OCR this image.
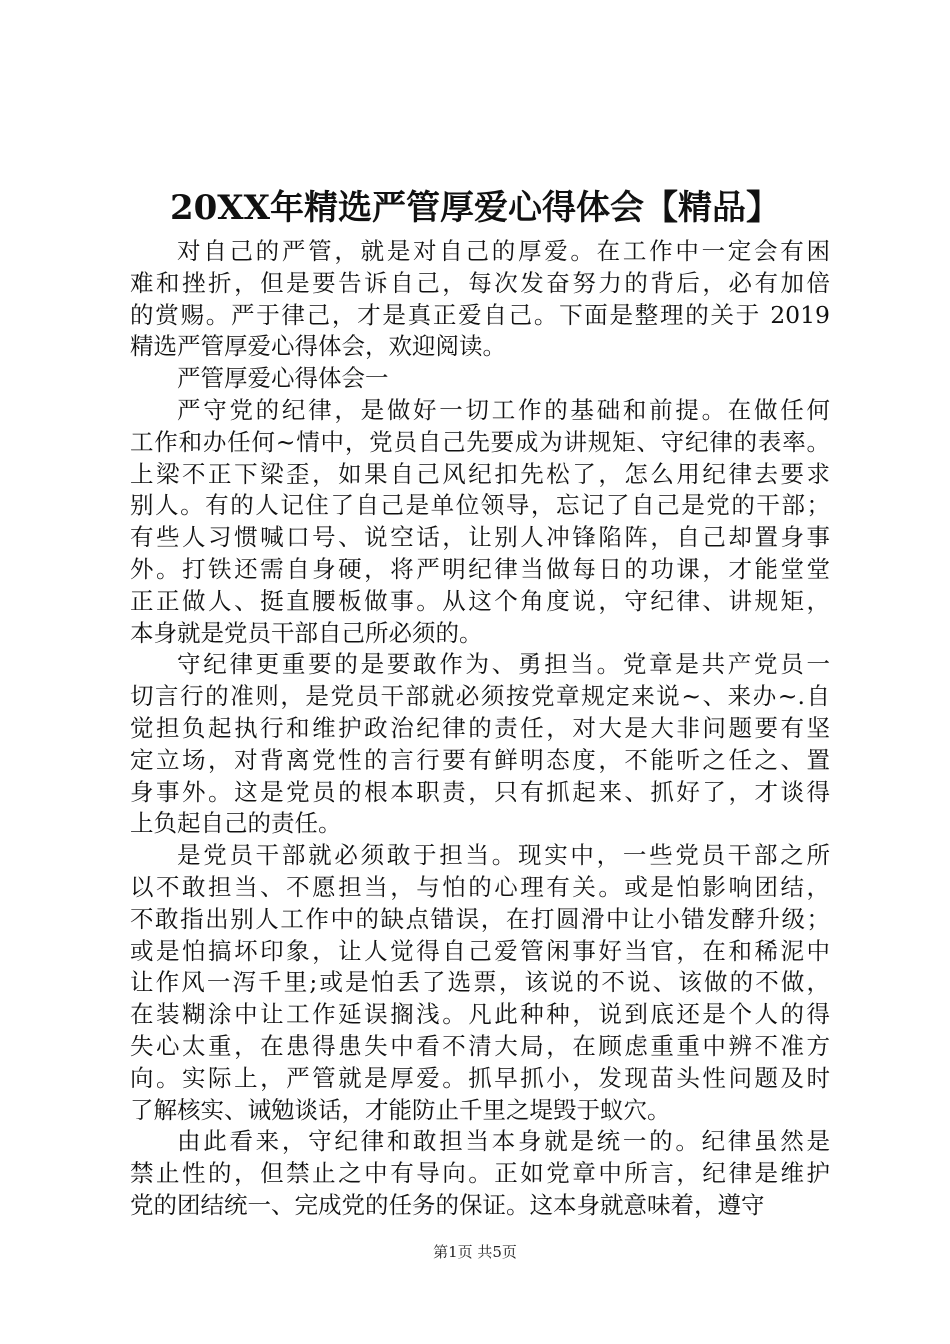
20XX年精选严管厚爱心得体会【精品】
对自己的严管，就是对自己的厚爱。在工作中一定会有困
难和挫折，但是要告诉自己，每次发奋努力的背后，必有加倍
的赏赐。严于律己，才是真正爱自己。下面是整理的关于 2019
精选严管厚爱心得体会，欢迎阅读。
严管厚爱心得体会一
严守党的纪律，是做好一切工作的基础和前提。在做任何
工作和办任何~情中，党员自己先要成为讲规矩、守纪律的表率。
上梁不正下梁歪，如果自己风纪扣先松了，怎么用纪律去要求
别人。有的人记住了自己是单位领导，忘记了自己是党的干部；
有些人习惯喊口号、说空话，让别人冲锋陷阵，自己却置身事
外。打铁还需自身硬，将严明纪律当做每日的功课，才能堂堂
正正做人、挺直腰板做事。从这个角度说，守纪律、讲规矩，
本身就是党员干部自己所必须的。
守纪律更重要的是要敢作为、勇担当。党章是共产党员一
切言行的准则，是党员干部就必须按党章规定来说~、来办~.自
觉担负起执行和维护政治纪律的责任，对大是大非问题要有坚
定立场，对背离党性的言行要有鲜明态度，不能听之任之、置
身事外。这是党员的根本职责，只有抓起来、抓好了，才谈得
上负起自己的责任。
是党员干部就必须敢于担当。现实中，一些党员干部之所
以不敢担当、不愿担当，与怕的心理有关。或是怕影响团结，
不敢指出别人工作中的缺点错误，在打圆滑中让小错发酵升级；
或是怕搞坏印象，让人觉得自己爱管闲事好当官，在和稀泥中
让作风一泻千里;或是怕丢了选票，该说的不说、该做的不做，
在装糊涂中让工作延误搁浅。凡此种种，说到底还是个人的得
失心太重，在患得患失中看不清大局，在顾虑重重中辨不准方
向。实际上，严管就是厚爱。抓早抓小，发现苗头性问题及时
了解核实、诫勉谈话，才能防止千里之堤毁于蚁穴。
由此看来，守纪律和敢担当本身就是统一的。纪律虽然是
禁止性的，但禁止之中有导向。正如党章中所言，纪律是维护
党的团结统一、完成党的任务的保证。这本身就意味着，遵守
第1页 共5页
